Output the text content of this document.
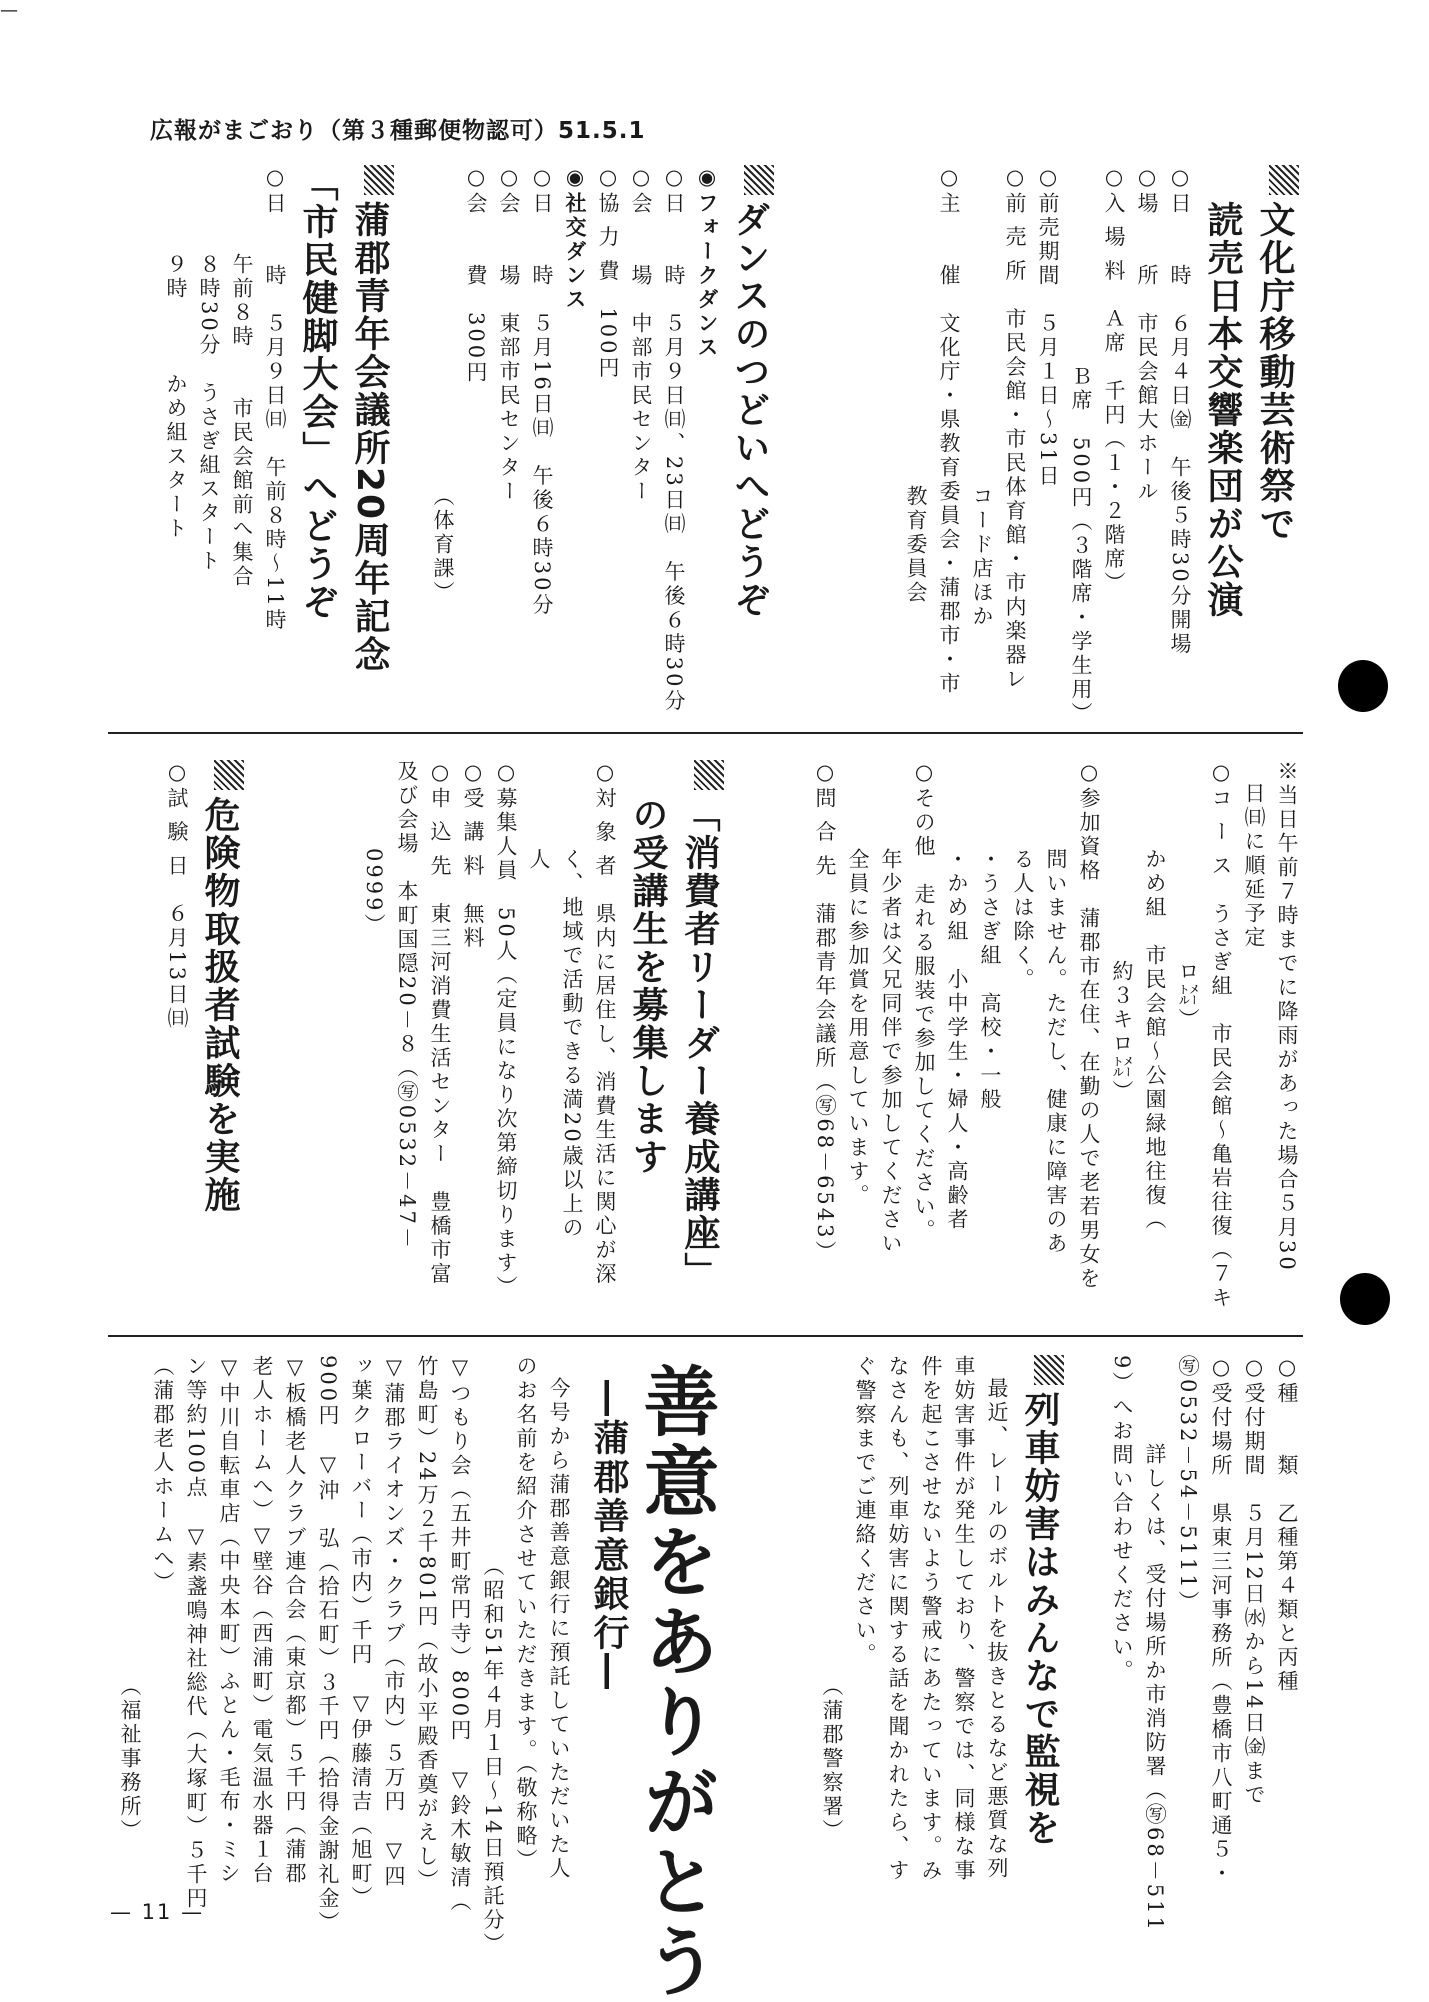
—
広報がまごおり（第３種郵便物認可）51.5.1
文化庁移動芸術祭で
読売日本交響楽団が公演
○日　　時　６月４日㈮　午後５時30分開場
○場　　所　市民会館大ホール
○入 場 料　Ａ席　千円（１・２階席）
Ｂ席　500円（３階席・学生用）
○前売期間　５月１日～31日
○前 売 所　市民会館・市民体育館・市内楽器レ
コード店ほか
○主　　催　文化庁・県教育委員会・蒲郡市・市
教育委員会
ダンスのつどいへどうぞ
◉フォークダンス
○日　　時　５月９日㈰、23日㈰　午後６時30分
○会　　場　中部市民センター
○協 力 費　100円
◉社交ダンス
○日　　時　５月16日㈰　午後６時30分
○会　　場　東部市民センター
○会　　費　300円
（体育課）
蒲郡青年会議所20周年記念
「市民健脚大会」へどうぞ
○日　　時　５月９日㈰　午前８時～11時
午前８時　　市民会館前へ集合
８時30分　うさぎ組スタート
９時　　　かめ組スタート
※当日午前７時までに降雨があった場合５月30
日㈰に順延予定
○コ ー ス　うさぎ組　市民会館～亀岩往復（７キ
ロ㍍）
かめ組　市民会館～公園緑地往復（
約３キロ㍍）
○参加資格　蒲郡市在住、在勤の人で老若男女を
問いません。ただし、健康に障害のあ
る人は除く。
・うさぎ組　高校・一般
・かめ組　小中学生・婦人・高齢者
○その他　走れる服装で参加してください。
年少者は父兄同伴で参加してください
全員に参加賞を用意しています。
○問 合 先　蒲郡青年会議所（㊢68－6543）
「消費者リーダー養成講座」
の受講生を募集します
○対 象 者　県内に居住し、消費生活に関心が深
く、地域で活動できる満20歳以上の
人
○募集人員　50人（定員になり次第締切ります）
○受 講 料　無料
○申 込 先　東三河消費生活センター　豊橋市富
及び会場　本町国隠20－８（㊢0532－47－
0999）
危険物取扱者試験を実施
○試 験 日　６月13日㈰
○種　　類　乙種第４類と丙種
○受付期間　５月12日㈬から14日㈮まで
○受付場所　県東三河事務所（豊橋市八町通５・
㊢0532－54－5111）
詳しくは、受付場所か市消防署（㊢68－511
9）へお問い合わせください。
列車妨害はみんなで監視を
最近、レールのボルトを抜きとるなど悪質な列
車妨害事件が発生しており、警察では、同様な事
件を起こさせないよう警戒にあたっています。み
なさんも、列車妨害に関する話を聞かれたら、す
ぐ警察までご連絡ください。
（蒲郡警察署）
善意をありがとう
―蒲郡善意銀行―
今号から蒲郡善意銀行に預託していただいた人
のお名前を紹介させていただきます。（敬称略）
（昭和51年４月１日～14日預託分）
▽つもり会（五井町常円寺）800円　▽鈴木敏清（
竹島町）24万２千801円（故小平殿香奠がえし）
▽蒲郡ライオンズ・クラブ（市内）５万円　▽四
ッ葉クローバー（市内）千円　▽伊藤清吉（旭町）
900円　▽沖　弘（拾石町）３千円（拾得金謝礼金）
▽板橋老人クラブ連合会（東京都）５千円（蒲郡
老人ホームへ）▽壁谷（西浦町）電気温水器１台
▽中川自転車店（中央本町）ふとん・毛布・ミシ
ン等約100点　▽素盞鳴神社総代（大塚町）５千円
（蒲郡老人ホームへ）
（福祉事務所）
— 11 —
